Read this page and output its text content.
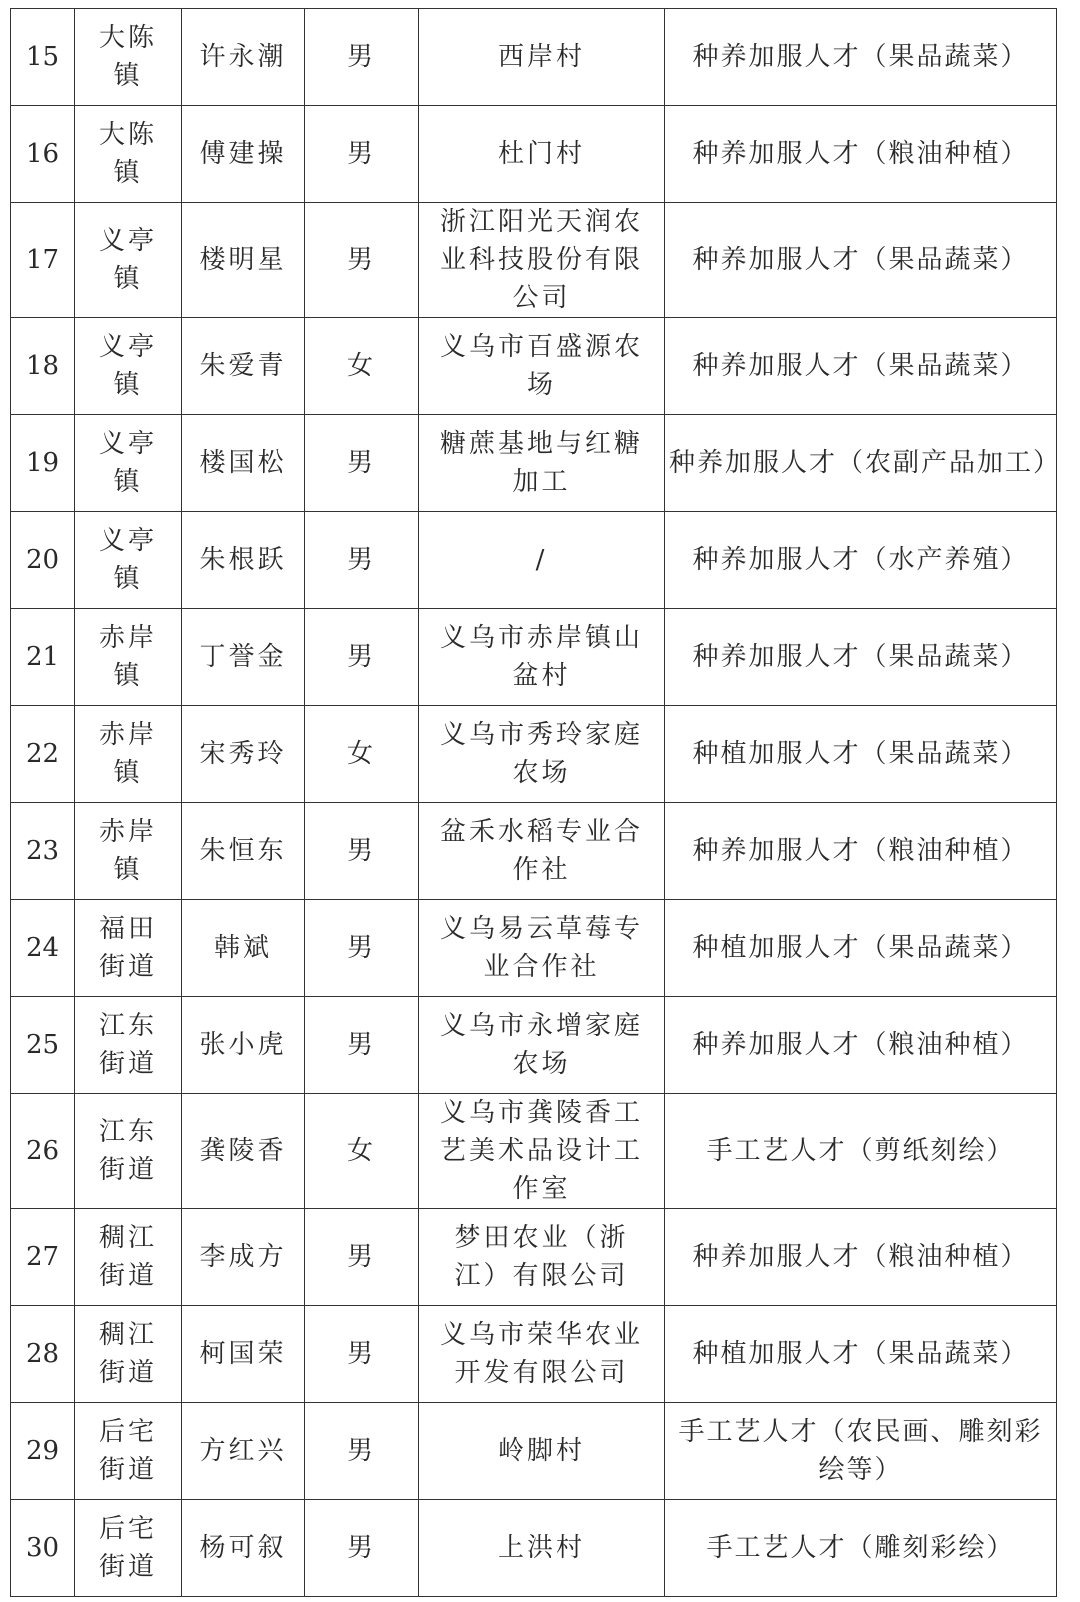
15	大陈镇	许永潮	男	西岸村	种养加服人才（果品蔬菜）
16	大陈镇	傅建操	男	杜门村	种养加服人才（粮油种植）
17	义亭镇	楼明星	男	浙江阳光天润农业科技股份有限公司	种养加服人才（果品蔬菜）
18	义亭镇	朱爱青	女	义乌市百盛源农场	种养加服人才（果品蔬菜）
19	义亭镇	楼国松	男	糖蔗基地与红糖加工	种养加服人才（农副产品加工）
20	义亭镇	朱根跃	男	/	种养加服人才（水产养殖）
21	赤岸镇	丁誉金	男	义乌市赤岸镇山盆村	种养加服人才（果品蔬菜）
22	赤岸镇	宋秀玲	女	义乌市秀玲家庭农场	种植加服人才（果品蔬菜）
23	赤岸镇	朱恒东	男	盆禾水稻专业合作社	种养加服人才（粮油种植）
24	福田街道	韩斌	男	义乌易云草莓专业合作社	种植加服人才（果品蔬菜）
25	江东街道	张小虎	男	义乌市永增家庭农场	种养加服人才（粮油种植）
26	江东街道	龚陵香	女	义乌市龚陵香工艺美术品设计工作室	手工艺人才（剪纸刻绘）
27	稠江街道	李成方	男	梦田农业（浙江）有限公司	种养加服人才（粮油种植）
28	稠江街道	柯国荣	男	义乌市荣华农业开发有限公司	种植加服人才（果品蔬菜）
29	后宅街道	方红兴	男	岭脚村	手工艺人才（农民画、雕刻彩绘等）
30	后宅街道	杨可叙	男	上洪村	手工艺人才（雕刻彩绘）
